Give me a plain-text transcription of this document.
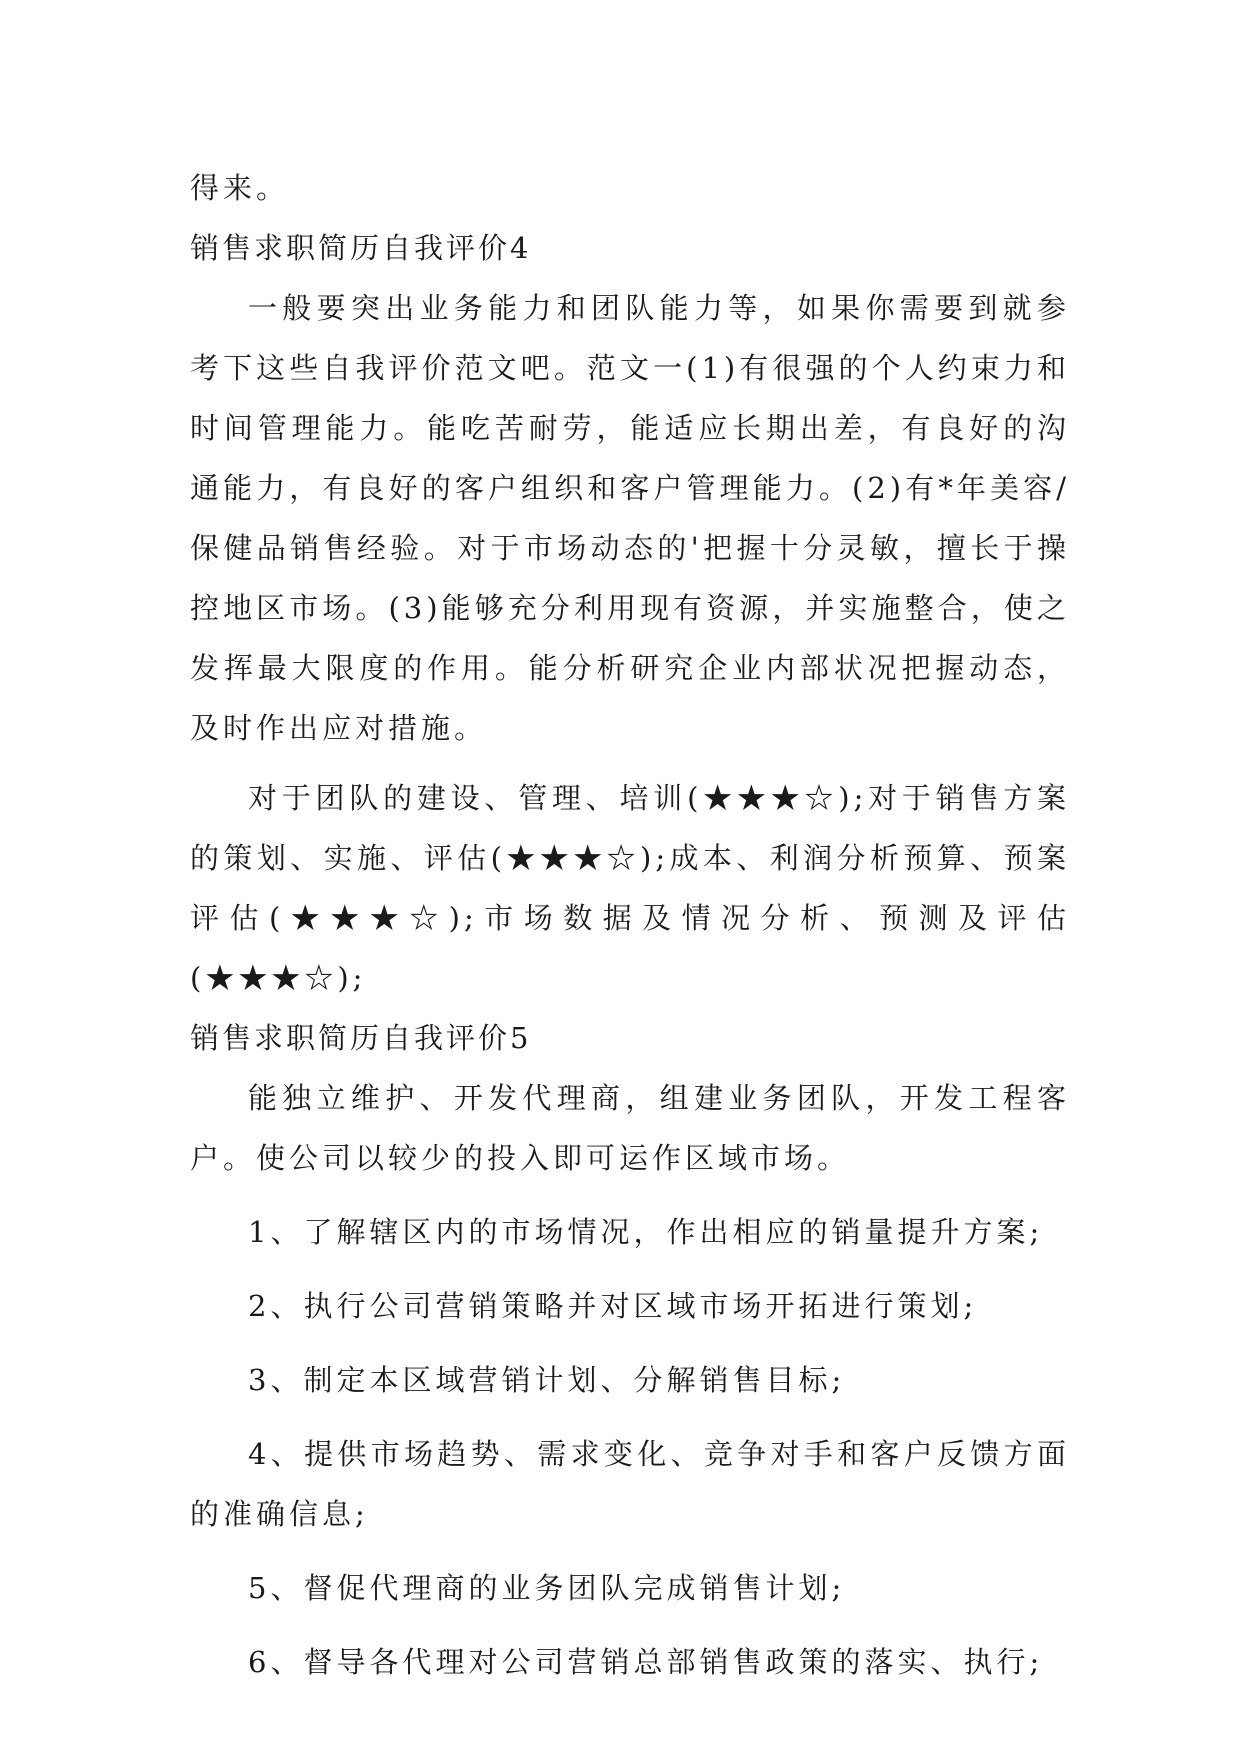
得来。

销售求职简历自我评价4

一般要突出业务能力和团队能力等，如果你需要到就参考下这些自我评价范文吧。范文一(1)有很强的个人约束力和时间管理能力。能吃苦耐劳，能适应长期出差，有良好的沟通能力，有良好的客户组织和客户管理能力。(2)有*年美容/保健品销售经验。对于市场动态的'把握十分灵敏，擅长于操控地区市场。(3)能够充分利用现有资源，并实施整合，使之发挥最大限度的作用。能分析研究企业内部状况把握动态，及时作出应对措施。

对于团队的建设、管理、培训(★★★☆);对于销售方案的策划、实施、评估(★★★☆);成本、利润分析预算、预案评估(★★★☆);市场数据及情况分析、预测及评估(★★★☆);

销售求职简历自我评价5

能独立维护、开发代理商，组建业务团队，开发工程客户。使公司以较少的投入即可运作区域市场。

1、了解辖区内的市场情况，作出相应的销量提升方案;

2、执行公司营销策略并对区域市场开拓进行策划;

3、制定本区域营销计划、分解销售目标;

4、提供市场趋势、需求变化、竞争对手和客户反馈方面的准确信息;

5、督促代理商的业务团队完成销售计划;

6、督导各代理对公司营销总部销售政策的落实、执行;
